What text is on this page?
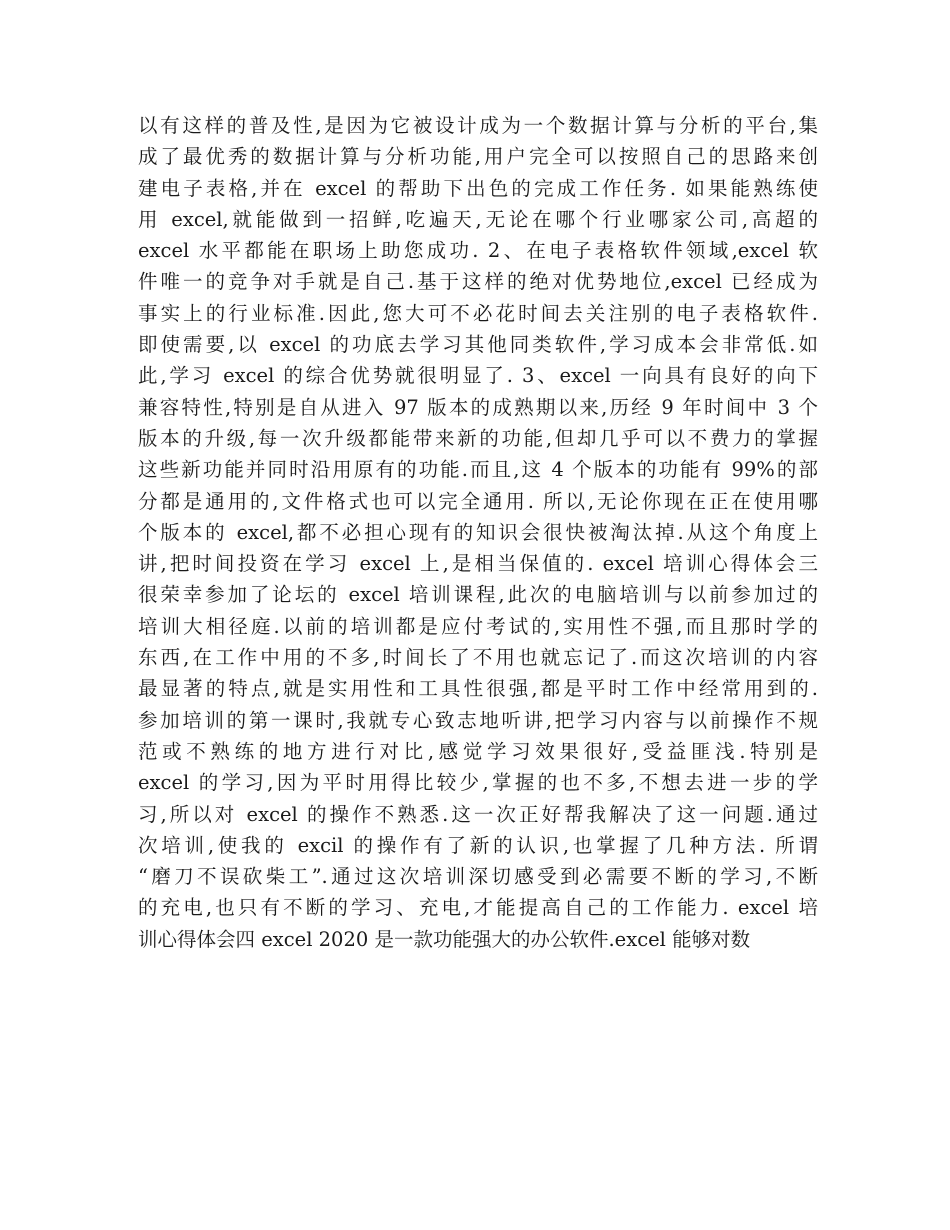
以有这样的普及性,是因为它被设计成为一个数据计算与分析的平台,集
成了最优秀的数据计算与分析功能,用户完全可以按照自己的思路来创
建电子表格,并在 excel 的帮助下出色的完成工作任务. 如果能熟练使
用 excel,就能做到一招鲜,吃遍天,无论在哪个行业哪家公司,高超的
excel 水平都能在职场上助您成功. 2、在电子表格软件领域,excel 软
件唯一的竞争对手就是自己.基于这样的绝对优势地位,excel 已经成为
事实上的行业标准.因此,您大可不必花时间去关注别的电子表格软件.
即使需要,以 excel 的功底去学习其他同类软件,学习成本会非常低.如
此,学习 excel 的综合优势就很明显了. 3、excel 一向具有良好的向下
兼容特性,特别是自从进入 97 版本的成熟期以来,历经 9 年时间中 3 个
版本的升级,每一次升级都能带来新的功能,但却几乎可以不费力的掌握
这些新功能并同时沿用原有的功能.而且,这 4 个版本的功能有 99%的部
分都是通用的,文件格式也可以完全通用. 所以,无论你现在正在使用哪
个版本的 excel,都不必担心现有的知识会很快被淘汰掉.从这个角度上
讲,把时间投资在学习 excel 上,是相当保值的. excel 培训心得体会三
很荣幸参加了论坛的 excel 培训课程,此次的电脑培训与以前参加过的
培训大相径庭.以前的培训都是应付考试的,实用性不强,而且那时学的
东西,在工作中用的不多,时间长了不用也就忘记了.而这次培训的内容
最显著的特点,就是实用性和工具性很强,都是平时工作中经常用到的.
参加培训的第一课时,我就专心致志地听讲,把学习内容与以前操作不规
范或不熟练的地方进行对比,感觉学习效果很好,受益匪浅.特别是
excel 的学习,因为平时用得比较少,掌握的也不多,不想去进一步的学
习,所以对 excel 的操作不熟悉.这一次正好帮我解决了这一问题.通过
次培训,使我的 excil 的操作有了新的认识,也掌握了几种方法. 所谓
“磨刀不误砍柴工”.通过这次培训深切感受到必需要不断的学习,不断
的充电,也只有不断的学习、充电,才能提高自己的工作能力. excel 培
训心得体会四 excel 2020 是一款功能强大的办公软件.excel 能够对数
